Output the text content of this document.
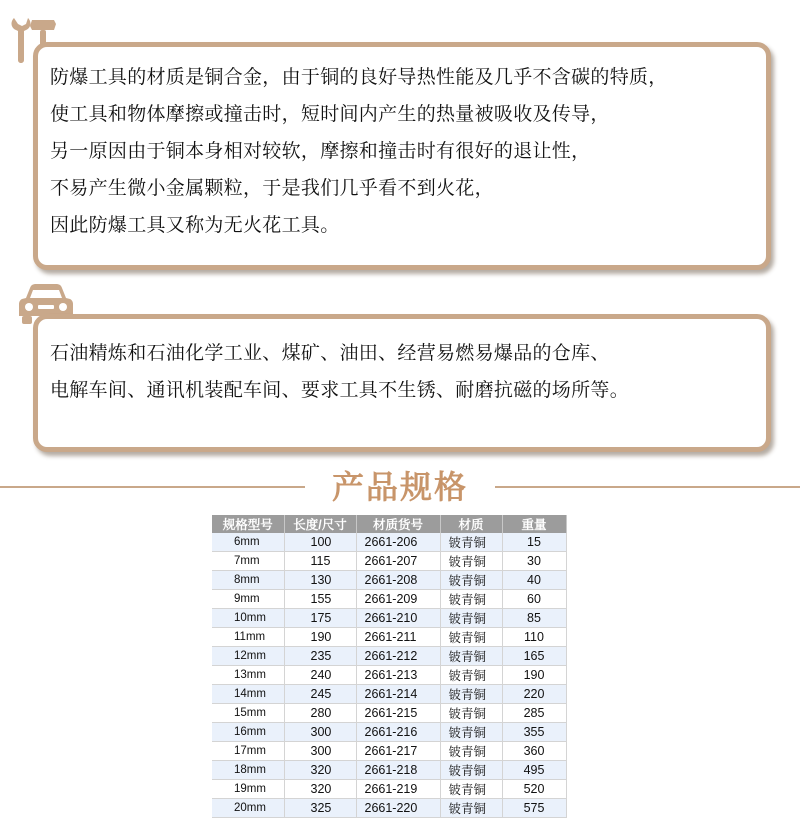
防爆工具的材质是铜合金，由于铜的良好导热性能及几乎不含碳的特质，
使工具和物体摩擦或撞击时，短时间内产生的热量被吸收及传导，
另一原因由于铜本身相对较软，摩擦和撞击时有很好的退让性，
不易产生微小金属颗粒，于是我们几乎看不到火花，
因此防爆工具又称为无火花工具。
石油精炼和石油化学工业、煤矿、油田、经营易燃易爆品的仓库、
电解车间、通讯机装配车间、要求工具不生锈、耐磨抗磁的场所等。
产品规格
规格型号	长度/尺寸	材质货号	材质	重量
6mm	100	2661-206	铍青铜	15
7mm	115	2661-207	铍青铜	30
8mm	130	2661-208	铍青铜	40
9mm	155	2661-209	铍青铜	60
10mm	175	2661-210	铍青铜	85
11mm	190	2661-211	铍青铜	110
12mm	235	2661-212	铍青铜	165
13mm	240	2661-213	铍青铜	190
14mm	245	2661-214	铍青铜	220
15mm	280	2661-215	铍青铜	285
16mm	300	2661-216	铍青铜	355
17mm	300	2661-217	铍青铜	360
18mm	320	2661-218	铍青铜	495
19mm	320	2661-219	铍青铜	520
20mm	325	2661-220	铍青铜	575
